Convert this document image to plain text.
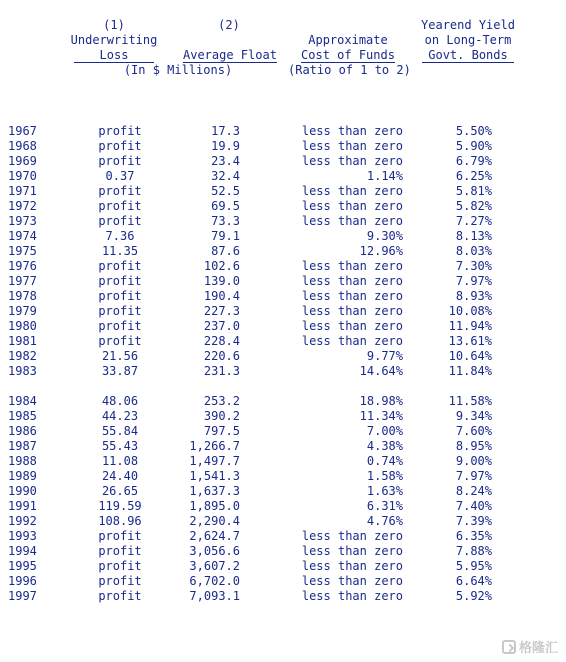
(1)
Underwriting
Loss
(2)

Average Float
(In $ Millions)
Approximate
Cost of Funds
(Ratio of 1 to 2)
Yearend Yield
on Long-Term
Govt. Bonds
1967	profit	17.3	less than zero	5.50%
1968	profit	19.9	less than zero	5.90%
1969	profit	23.4	less than zero	6.79%
1970	0.37	32.4	1.14%	6.25%
1971	profit	52.5	less than zero	5.81%
1972	profit	69.5	less than zero	5.82%
1973	profit	73.3	less than zero	7.27%
1974	7.36	79.1	9.30%	8.13%
1975	11.35	87.6	12.96%	8.03%
1976	profit	102.6	less than zero	7.30%
1977	profit	139.0	less than zero	7.97%
1978	profit	190.4	less than zero	8.93%
1979	profit	227.3	less than zero	10.08%
1980	profit	237.0	less than zero	11.94%
1981	profit	228.4	less than zero	13.61%
1982	21.56	220.6	9.77%	10.64%
1983	33.87	231.3	14.64%	11.84%
1984	48.06	253.2	18.98%	11.58%
1985	44.23	390.2	11.34%	9.34%
1986	55.84	797.5	7.00%	7.60%
1987	55.43	1,266.7	4.38%	8.95%
1988	11.08	1,497.7	0.74%	9.00%
1989	24.40	1,541.3	1.58%	7.97%
1990	26.65	1,637.3	1.63%	8.24%
1991	119.59	1,895.0	6.31%	7.40%
1992	108.96	2,290.4	4.76%	7.39%
1993	profit	2,624.7	less than zero	6.35%
1994	profit	3,056.6	less than zero	7.88%
1995	profit	3,607.2	less than zero	5.95%
1996	profit	6,702.0	less than zero	6.64%
1997	profit	7,093.1	less than zero	5.92%
格隆汇
